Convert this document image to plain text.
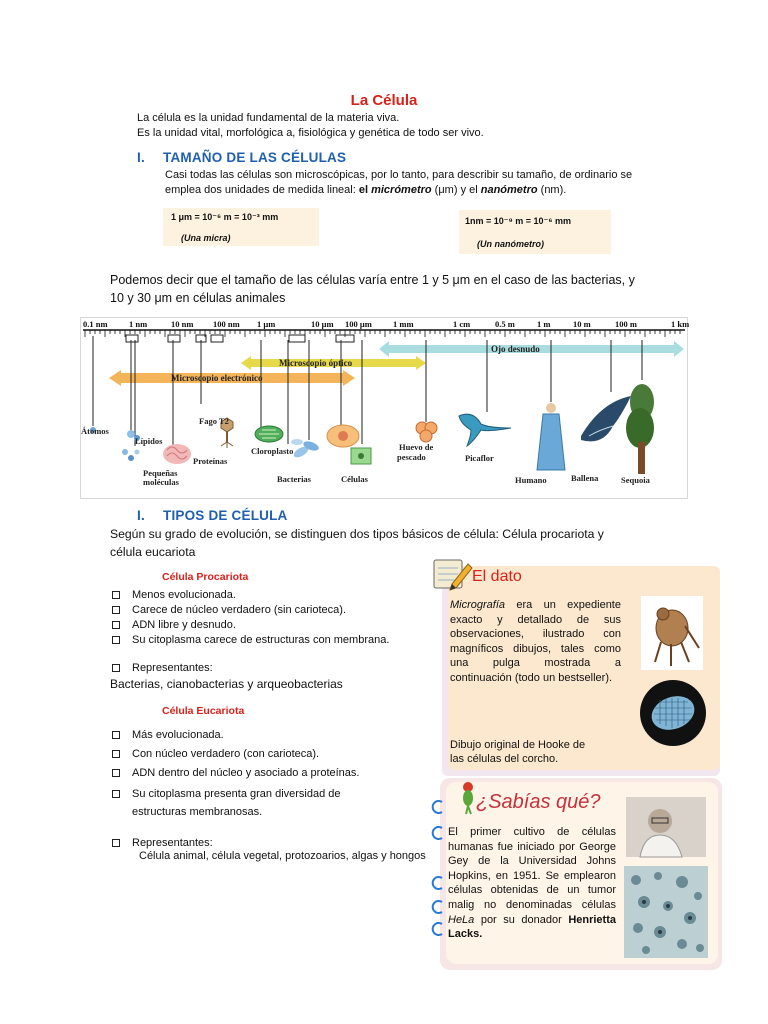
La Célula
La célula es la unidad fundamental de la materia viva.
Es la unidad vital, morfológica a, fisiológica y genética de todo ser vivo.
I. TAMAÑO DE LAS CÉLULAS
Casi todas las células son microscópicas, por lo tanto, para describir su tamaño, de ordinario se
emplea dos unidades de medida lineal: el micrómetro (μm) y el nanómetro (nm).
1 μm = 10⁻⁶ m = 10⁻³ mm
(Una micra)
1nm = 10⁻⁹ m = 10⁻⁶ mm
(Un nanómetro)
Podemos decir que el tamaño de las células varía entre 1 y 5 μm en el caso de las bacterias, y
10 y 30 μm en células animales
0.1 nm	1 nm	10 nm 100 nm 1 μm	10 μm 100 μm 1 mm	1 cm	0.5 m	1 m	10 m	100 m	1 km
Ojo desnudo
Microscopio óptico
Microscopio electrónico
Átomos
Lípidos
Pequeñas
moléculas
Fago T2
Proteínas
Cloroplasto
Bacterias	Células
Huevo de
pescado	Picaflor
Humano	Ballena	Sequoia
I. TIPOS DE CÉLULA
Según su grado de evolución, se distinguen dos tipos básicos de célula: Célula procariota y
célula eucariota
Célula Procariota
Menos evolucionada.
Carece de núcleo verdadero (sin carioteca).
ADN libre y desnudo.
Su citoplasma carece de estructuras con membrana.
Representantes:
Bacterias, cianobacterias y arqueobacterias
Célula Eucariota
Más evolucionada.
Con núcleo verdadero (con carioteca).
ADN dentro del núcleo y asociado a proteínas.
Su citoplasma presenta gran diversidad de
estructuras membranosas.
Representantes:
Célula animal, célula vegetal, protozoarios, algas y hongos
El dato
Micrografía era un expediente exacto y detallado de sus observaciones, ilustrado con magníficos dibujos, tales como una pulga mostrada a continuación (todo un bestseller).
Dibujo original de Hooke de
las células del corcho.
¿Sabías qué?
El primer cultivo de células humanas fue iniciado por George Gey de la Universidad Johns Hopkins, en 1951. Se emplearon células obtenidas de un tumor malig no denominadas células HeLa por su donador Henrietta Lacks.
